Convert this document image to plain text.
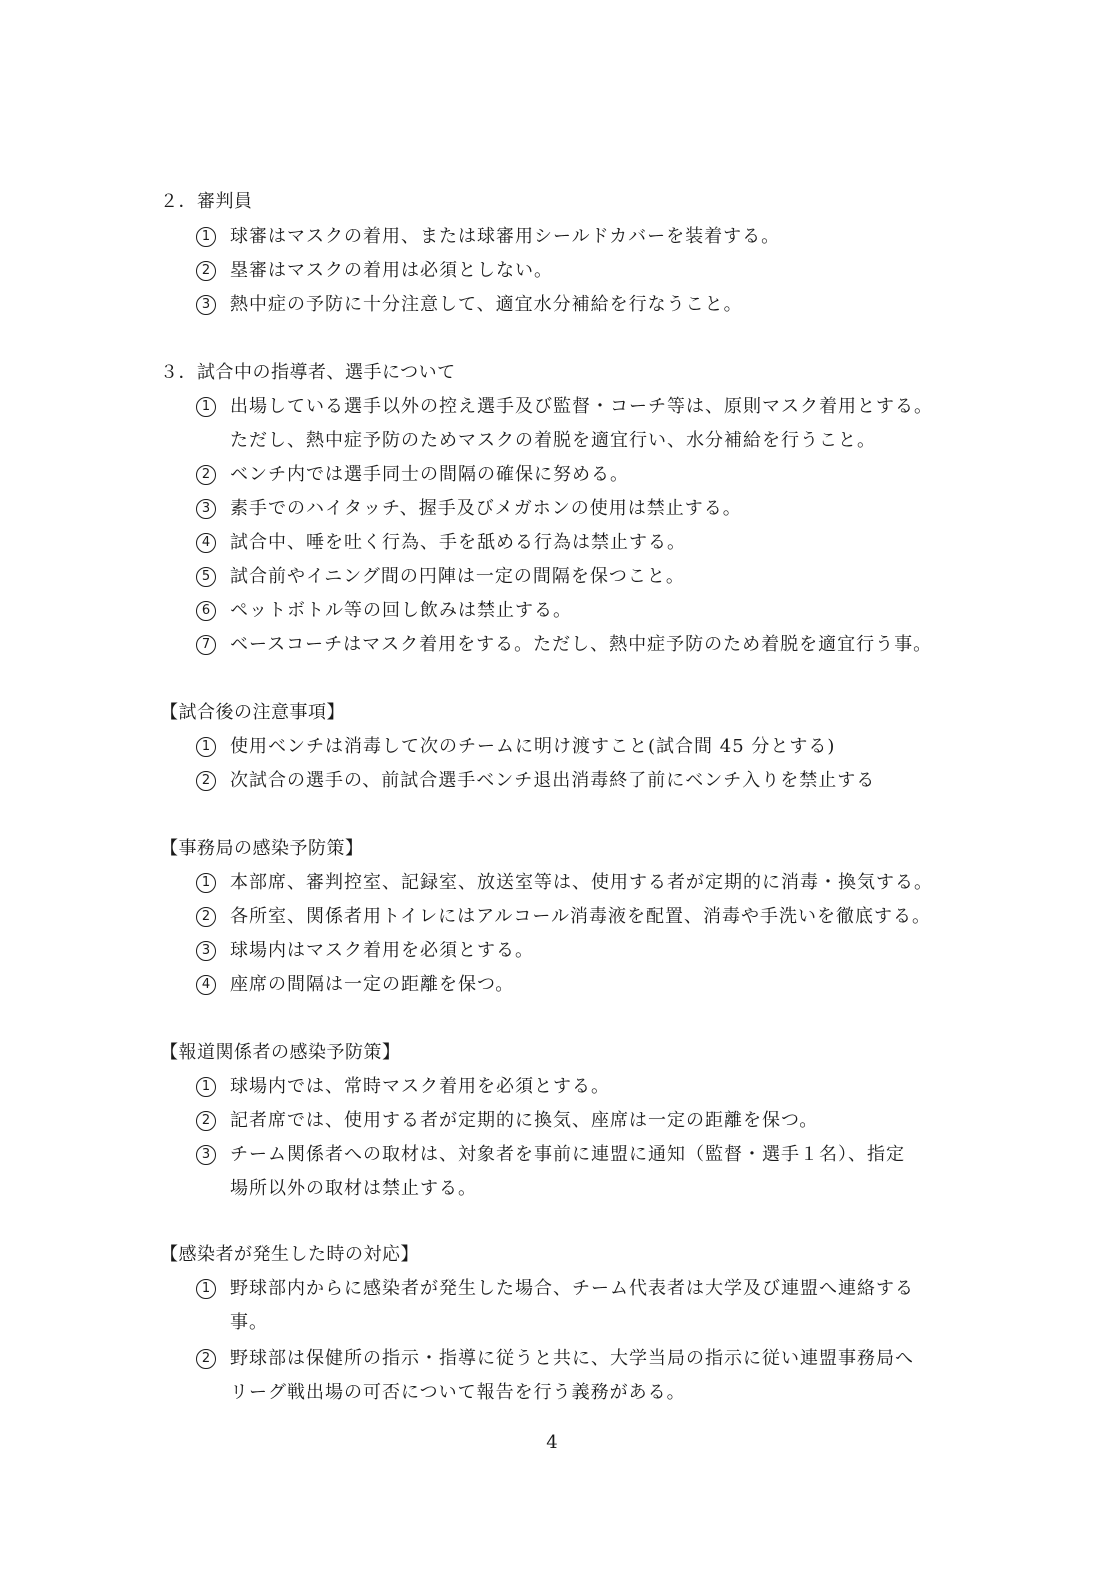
２．審判員
1	球審はマスクの着用、または球審用シールドカバーを装着する。
2	塁審はマスクの着用は必須としない。
3	熱中症の予防に十分注意して、適宜水分補給を行なうこと。
３．試合中の指導者、選手について
1	出場している選手以外の控え選手及び監督・コーチ等は、原則マスク着用とする。
ただし、熱中症予防のためマスクの着脱を適宜行い、水分補給を行うこと。
2	ベンチ内では選手同士の間隔の確保に努める。
3	素手でのハイタッチ、握手及びメガホンの使用は禁止する。
4	試合中、唾を吐く行為、手を舐める行為は禁止する。
5	試合前やイニング間の円陣は一定の間隔を保つこと。
6	ペットボトル等の回し飲みは禁止する。
7	ベースコーチはマスク着用をする。ただし、熱中症予防のため着脱を適宜行う事。
【試合後の注意事項】
1	使用ベンチは消毒して次のチームに明け渡すこと(試合間 45 分とする)
2	次試合の選手の、前試合選手ベンチ退出消毒終了前にベンチ入りを禁止する
【事務局の感染予防策】
1	本部席、審判控室、記録室、放送室等は、使用する者が定期的に消毒・換気する。
2	各所室、関係者用トイレにはアルコール消毒液を配置、消毒や手洗いを徹底する。
3	球場内はマスク着用を必須とする。
4	座席の間隔は一定の距離を保つ。
【報道関係者の感染予防策】
1	球場内では、常時マスク着用を必須とする。
2	記者席では、使用する者が定期的に換気、座席は一定の距離を保つ。
3	チーム関係者への取材は、対象者を事前に連盟に通知（監督・選手１名）、指定
場所以外の取材は禁止する。
【感染者が発生した時の対応】
1	野球部内からに感染者が発生した場合、チーム代表者は大学及び連盟へ連絡する
事。
2	野球部は保健所の指示・指導に従うと共に、大学当局の指示に従い連盟事務局へ
リーグ戦出場の可否について報告を行う義務がある。
4
